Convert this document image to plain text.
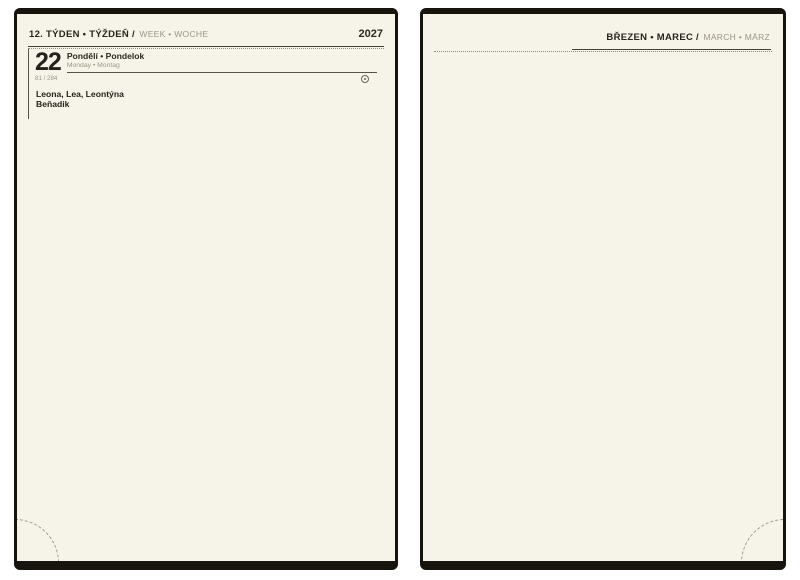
12. TÝDEN • TÝŽDEŇ / WEEK • WOCHE	2027
22 Pondělí • Pondelok
Monday • Montag
81 / 284
Leona, Lea, Leontýna
Beňadik
BŘEZEN • MAREC / MARCH • MÄRZ
